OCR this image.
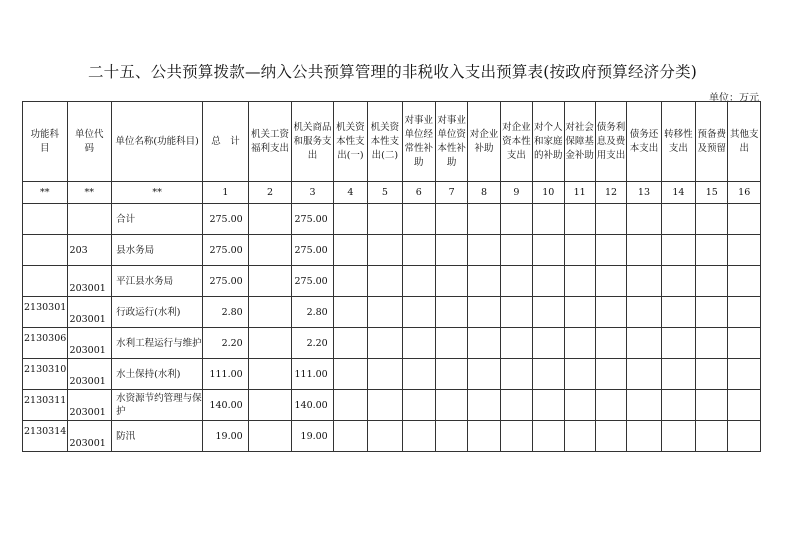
二十五、公共预算拨款—纳入公共预算管理的非税收入支出预算表(按政府预算经济分类)
单位：万元
功能科目	单位代码	单位名称(功能科目)	总　计	机关工资福利支出	机关商品和服务支出	机关资本性支出(一)	机关资本性支出(二)	对事业单位经常性补助	对事业单位资本性补助	对企业补助	对企业资本性支出	对个人和家庭的补助	对社会保障基金补助	债务利息及费用支出	债务还本支出	转移性支出	预备费及预留	其他支出
**	**	**	1	2	3	4	5	6	7	8	9	10	11	12	13	14	15	16
		合计	275.00		275.00													
	203	县水务局	275.00		275.00													
	203001	平江县水务局	275.00		275.00													
2130301	203001	行政运行(水利)	2.80		2.80													
2130306	203001	水利工程运行与维护	2.20		2.20													
2130310	203001	水土保持(水利)	111.00		111.00													
2130311	203001	水资源节约管理与保护	140.00		140.00													
2130314	203001	防汛	19.00		19.00													
